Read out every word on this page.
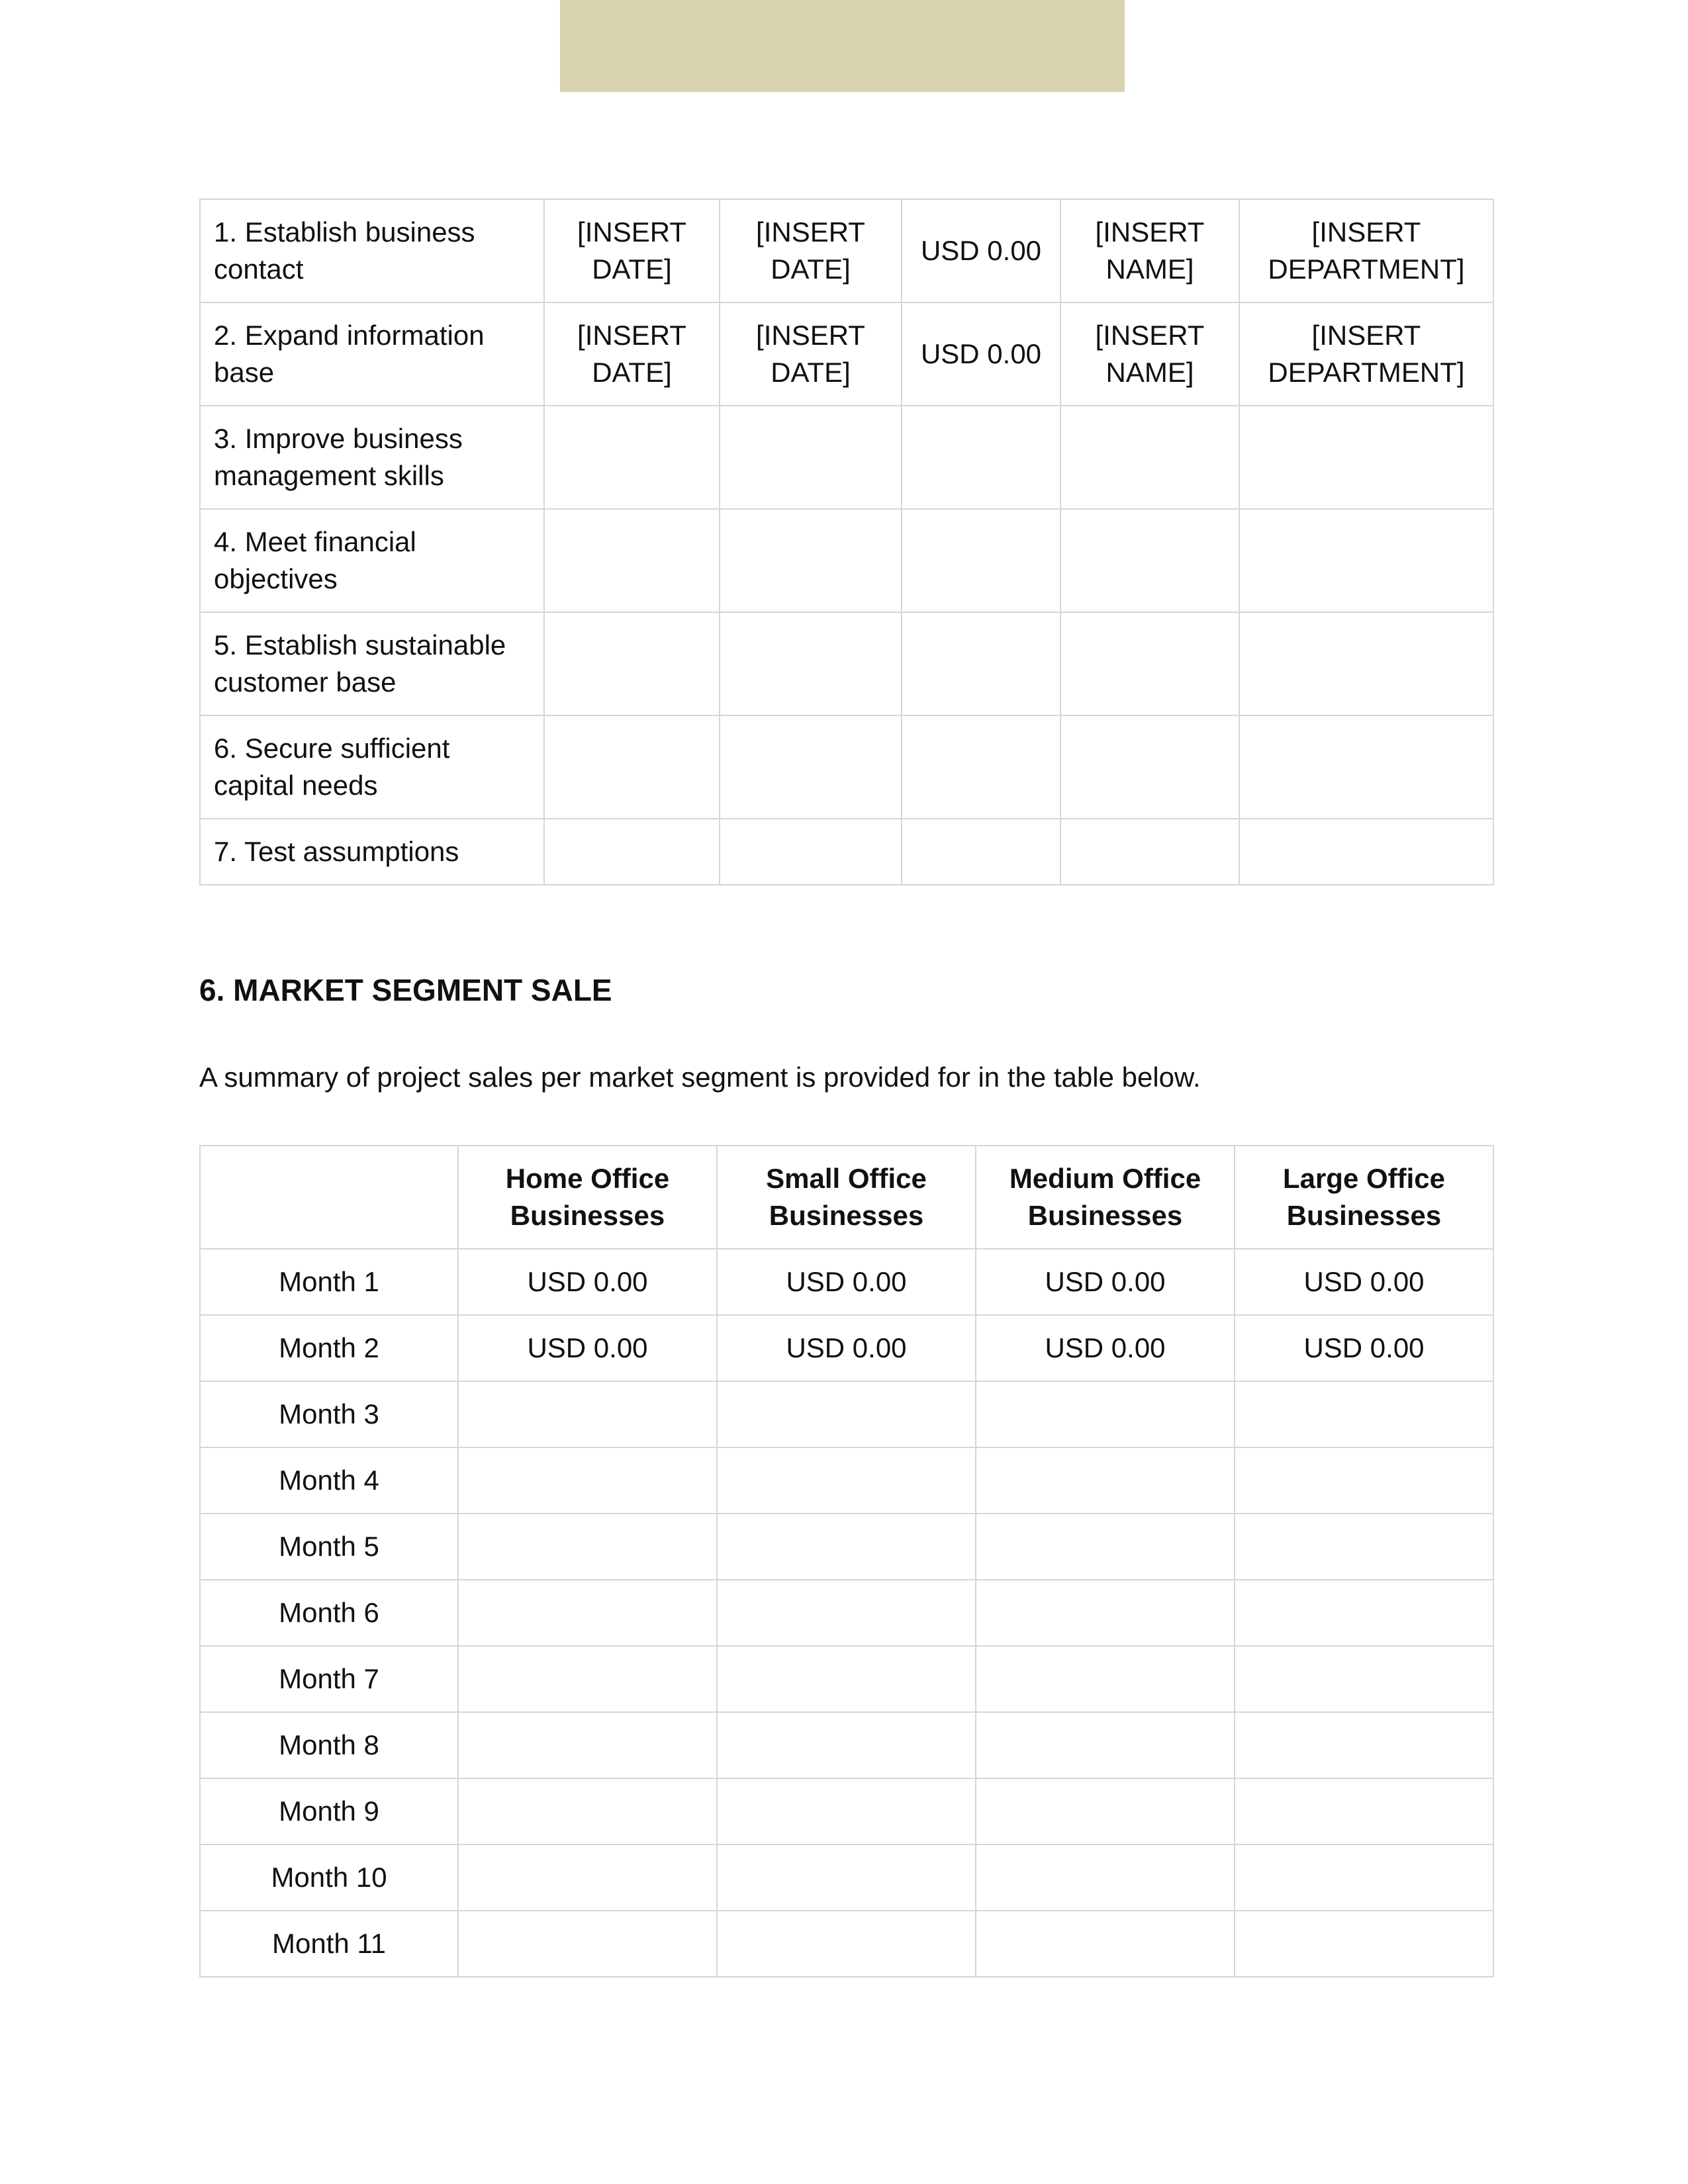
1. Establish business contact	[INSERT DATE]	[INSERT DATE]	USD 0.00	[INSERT NAME]	[INSERT DEPARTMENT]
2. Expand information base	[INSERT DATE]	[INSERT DATE]	USD 0.00	[INSERT NAME]	[INSERT DEPARTMENT]
3. Improve business management skills					
4. Meet financial objectives					
5. Establish sustainable customer base					
6. Secure sufficient capital needs					
7. Test assumptions					
6. MARKET SEGMENT SALE

A summary of project sales per market segment is provided for in the table below.

	Home Office Businesses	Small Office Businesses	Medium Office Businesses	Large Office Businesses
Month 1	USD 0.00	USD 0.00	USD 0.00	USD 0.00
Month 2	USD 0.00	USD 0.00	USD 0.00	USD 0.00
Month 3				
Month 4				
Month 5				
Month 6				
Month 7				
Month 8				
Month 9				
Month 10				
Month 11				
